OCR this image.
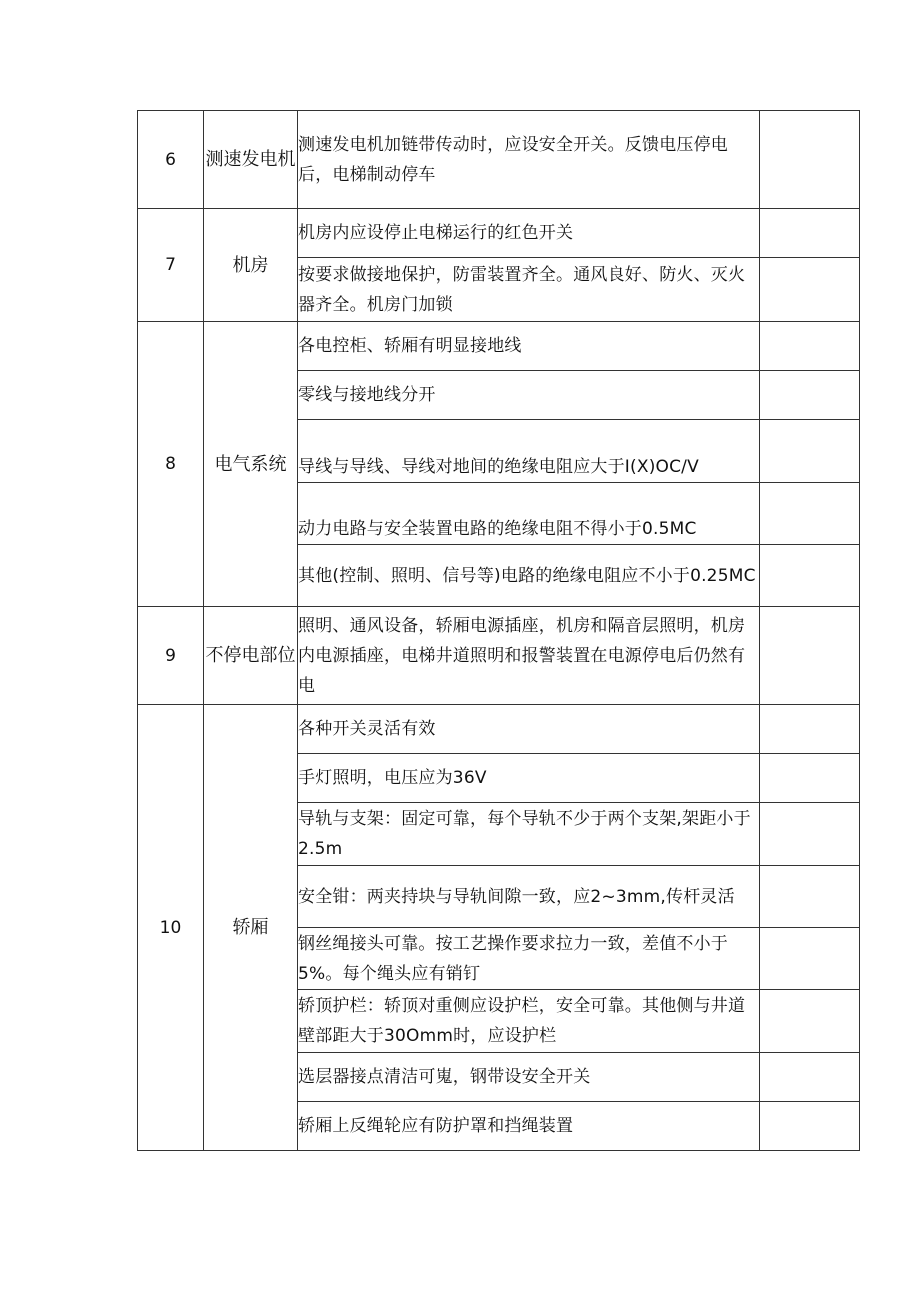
6	测速发电机	测速发电机加链带传动时，应设安全开关。反馈电压停电后，电梯制动停车	
7	机房	机房内应设停止电梯运行的红色开关	
		按要求做接地保护，防雷装置齐全。通风良好、防火、灭火器齐全。机房门加锁	
8	电气系统	各电控柜、轿厢有明显接地线	
		零线与接地线分开	
		导线与导线、导线对地间的绝缘电阻应大于I(X)OC/V	
		动力电路与安全装置电路的绝缘电阻不得小于0.5MC	
		其他(控制、照明、信号等)电路的绝缘电阻应不小于0.25MC	
9	不停电部位	照明、通风设备，轿厢电源插座，机房和隔音层照明，机房内电源插座，电梯井道照明和报警装置在电源停电后仍然有电	
10	轿厢	各种开关灵活有效	
		手灯照明，电压应为36V	
		导轨与支架：固定可靠，每个导轨不少于两个支架,架距小于2.5m	
		安全钳：两夹持块与导轨间隙一致，应2~3mm,传杆灵活	
		钢丝绳接头可靠。按工艺操作要求拉力一致，差值不小于5%。每个绳头应有销钉	
		轿顶护栏：轿顶对重侧应设护栏，安全可靠。其他侧与井道壁部距大于30Omm时，应设护栏	
		选层器接点清洁可嵬，钢带设安全开关	
		轿厢上反绳轮应有防护罩和挡绳装置	
